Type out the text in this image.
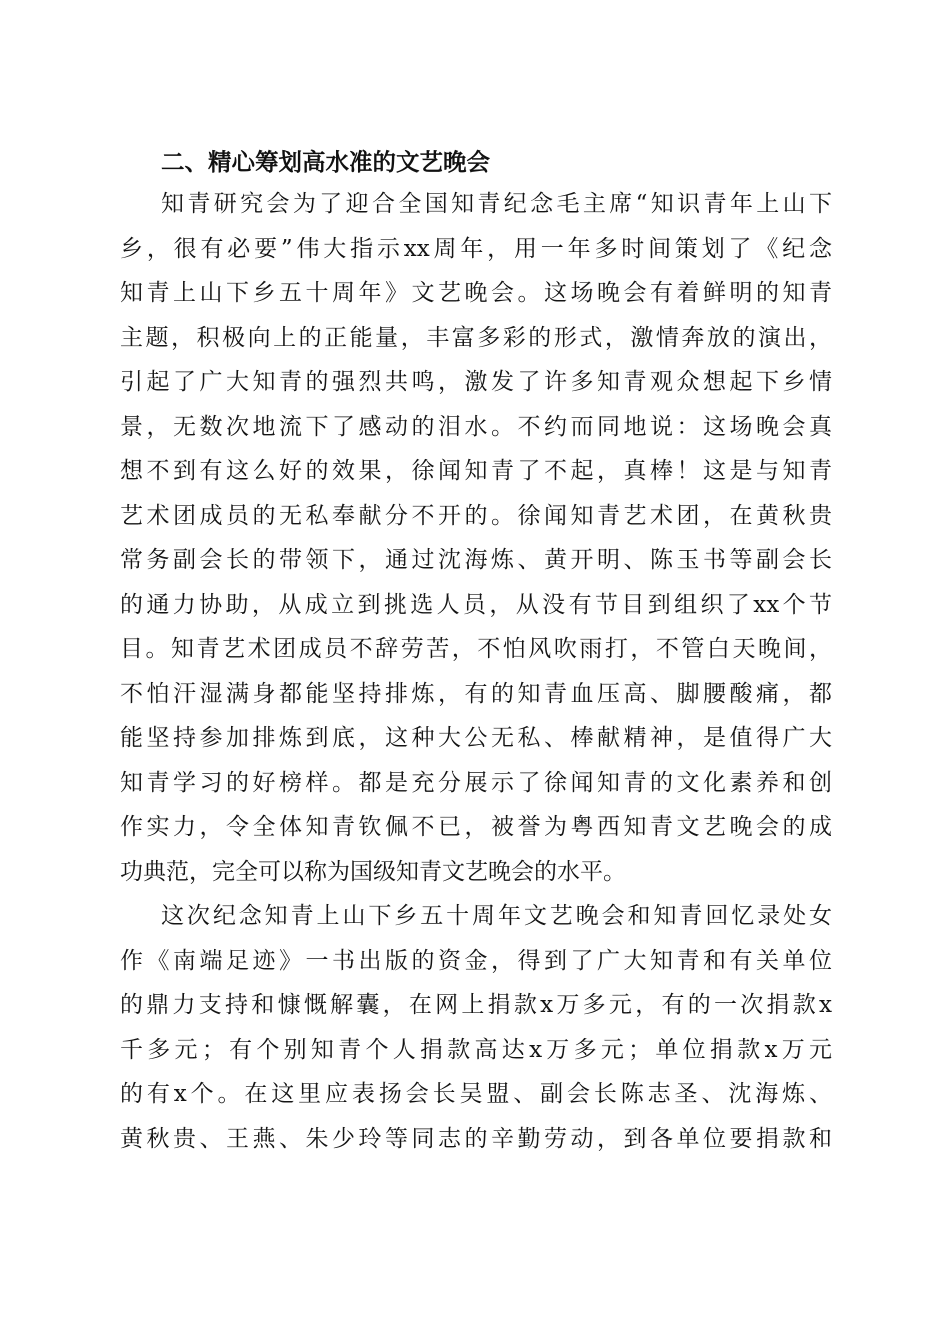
二、精心筹划高水准的文艺晚会
知青研究会为了迎合全国知青纪念毛主席“知识青年上山下
乡，很有必要”伟大指示xx周年，用一年多时间策划了《纪念
知青上山下乡五十周年》文艺晚会。这场晚会有着鲜明的知青
主题，积极向上的正能量，丰富多彩的形式，激情奔放的演出，
引起了广大知青的强烈共鸣，激发了许多知青观众想起下乡情
景，无数次地流下了感动的泪水。不约而同地说：这场晚会真
想不到有这么好的效果，徐闻知青了不起，真棒！这是与知青
艺术团成员的无私奉献分不开的。徐闻知青艺术团，在黄秋贵
常务副会长的带领下，通过沈海炼、黄开明、陈玉书等副会长
的通力协助，从成立到挑选人员，从没有节目到组织了xx个节
目。知青艺术团成员不辞劳苦，不怕风吹雨打，不管白天晚间，
不怕汗湿满身都能坚持排炼，有的知青血压高、脚腰酸痛，都
能坚持参加排炼到底，这种大公无私、棒献精神，是值得广大
知青学习的好榜样。都是充分展示了徐闻知青的文化素养和创
作实力，令全体知青钦佩不已，被誉为粤西知青文艺晚会的成
功典范，完全可以称为国级知青文艺晚会的水平。
这次纪念知青上山下乡五十周年文艺晚会和知青回忆录处女
作《南端足迹》一书出版的资金，得到了广大知青和有关单位
的鼎力支持和慷慨解囊，在网上捐款x万多元，有的一次捐款x
千多元；有个别知青个人捐款高达x万多元；单位捐款x万元
的有x个。在这里应表扬会长吴盟、副会长陈志圣、沈海炼、
黄秋贵、王燕、朱少玲等同志的辛勤劳动，到各单位要捐款和
